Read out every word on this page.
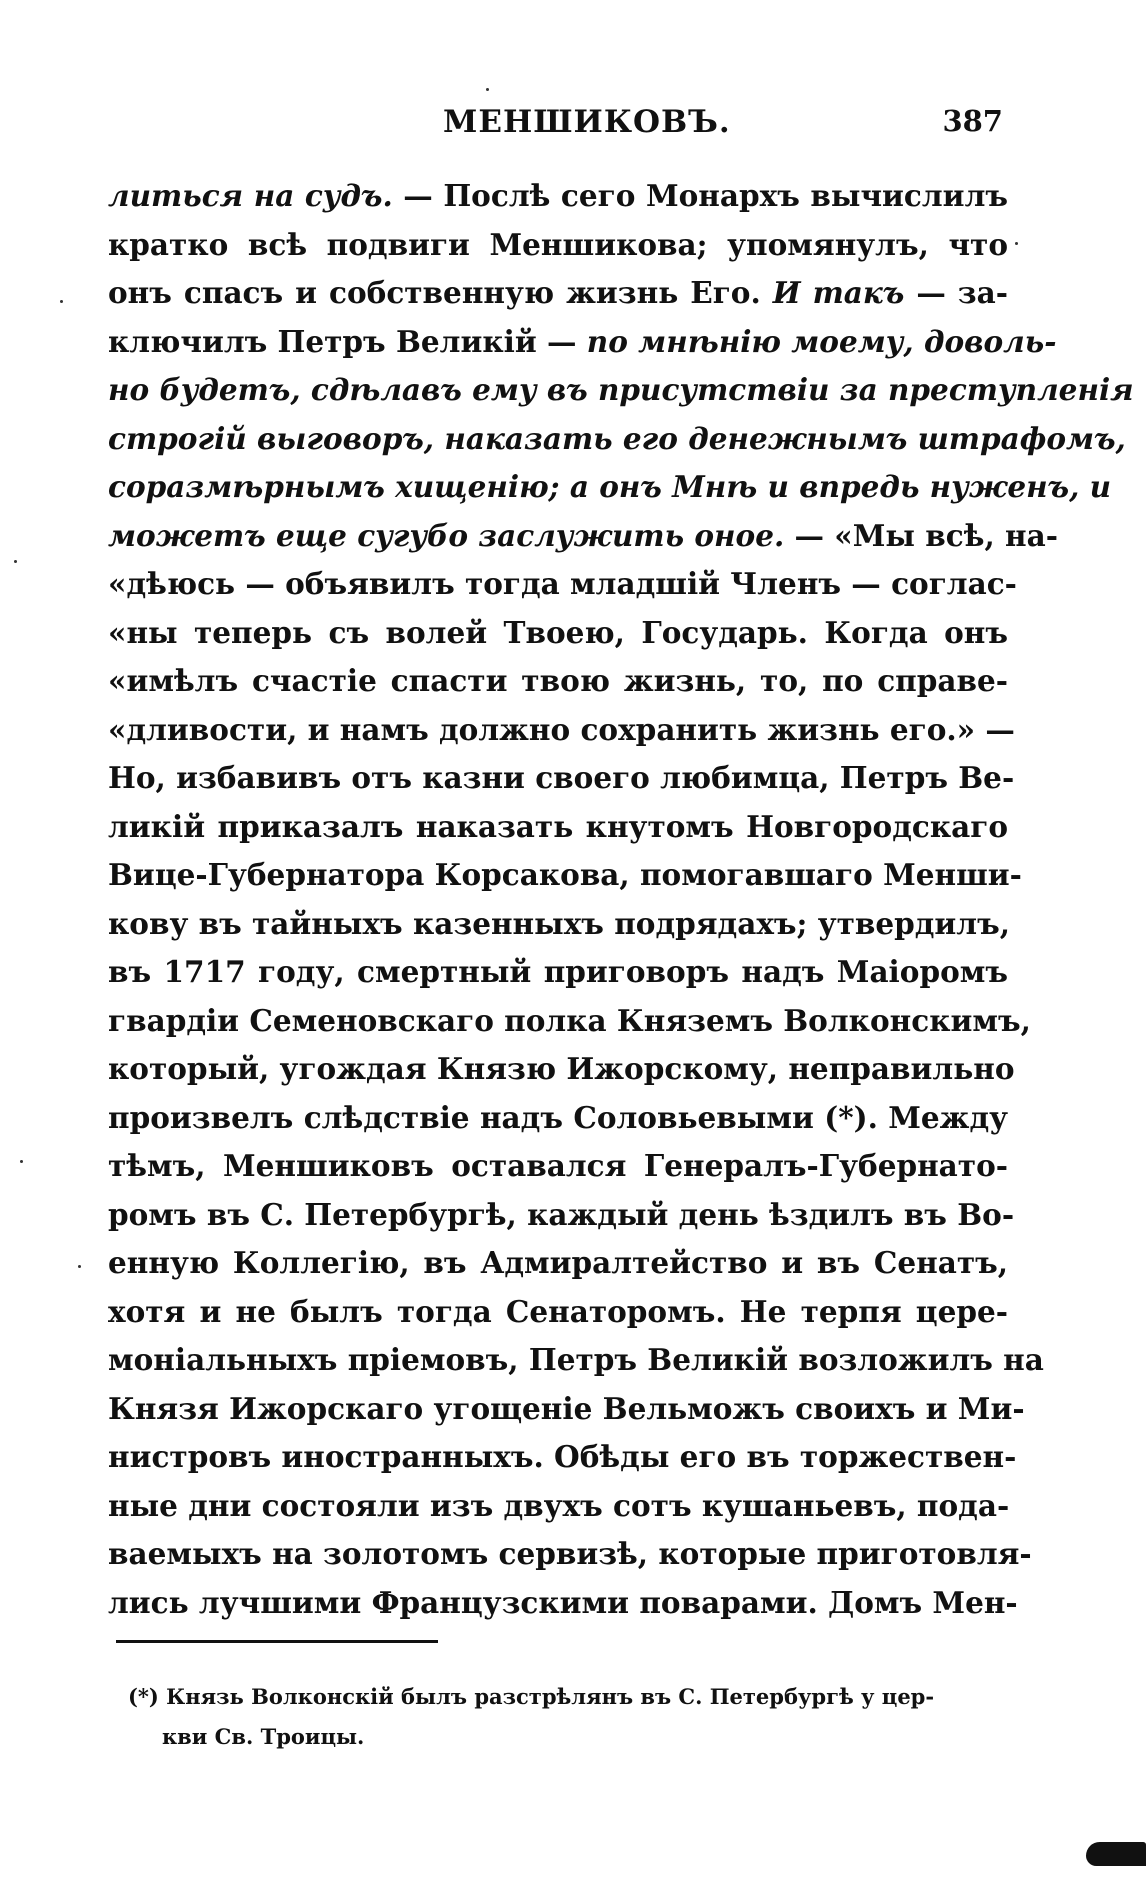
МЕНШИКОВЪ.	387
литься на судъ. — Послѣ сего Монархъ вычислилъ
кратко всѣ подвиги Меншикова; упомянулъ, что
онъ спасъ и собственную жизнь Его. И такъ — за-
ключилъ Петръ Великій — по мнѣнію моему, доволь-
но будетъ, сдѣлавъ ему въ присутствіи за преступленія
строгій выговоръ, наказать его денежнымъ штрафомъ,
соразмѣрнымъ хищенію; а онъ Мнѣ и впредь нуженъ, и
можетъ еще сугубо заслужить оное. — «Мы всѣ, на-
«дѣюсь — объявилъ тогда младшій Членъ — соглас-
«ны теперь съ волей Твоею, Государь. Когда онъ
«имѣлъ счастіе спасти твою жизнь, то, по справе-
«дливости, и намъ должно сохранить жизнь его.» —
Но, избавивъ отъ казни своего любимца, Петръ Ве-
ликій приказалъ наказать кнутомъ Новгородскаго
Вице-Губернатора Корсакова, помогавшаго Менши-
кову въ тайныхъ казенныхъ подрядахъ; утвердилъ,
въ 1717 году, смертный приговоръ надъ Маіоромъ
гвардіи Семеновскаго полка Княземъ Волконскимъ,
который, угождая Князю Ижорскому, неправильно
произвелъ слѣдствіе надъ Соловьевыми (*). Между
тѣмъ, Меншиковъ оставался Генералъ-Губернато-
ромъ въ С. Петербургѣ, каждый день ѣздилъ въ Во-
енную Коллегію, въ Адмиралтейство и въ Сенатъ,
хотя и не былъ тогда Сенаторомъ. Не терпя цере-
моніальныхъ пріемовъ, Петръ Великій возложилъ на
Князя Ижорскаго угощеніе Вельможъ своихъ и Ми-
нистровъ иностранныхъ. Обѣды его въ торжествен-
ные дни состояли изъ двухъ сотъ кушаньевъ, пода-
ваемыхъ на золотомъ сервизѣ, которые приготовля-
лись лучшими Французскими поварами. Домъ Мен-
(*) Князь Волконскій былъ разстрѣлянъ въ С. Петербургѣ у цер-
кви Св. Троицы.
